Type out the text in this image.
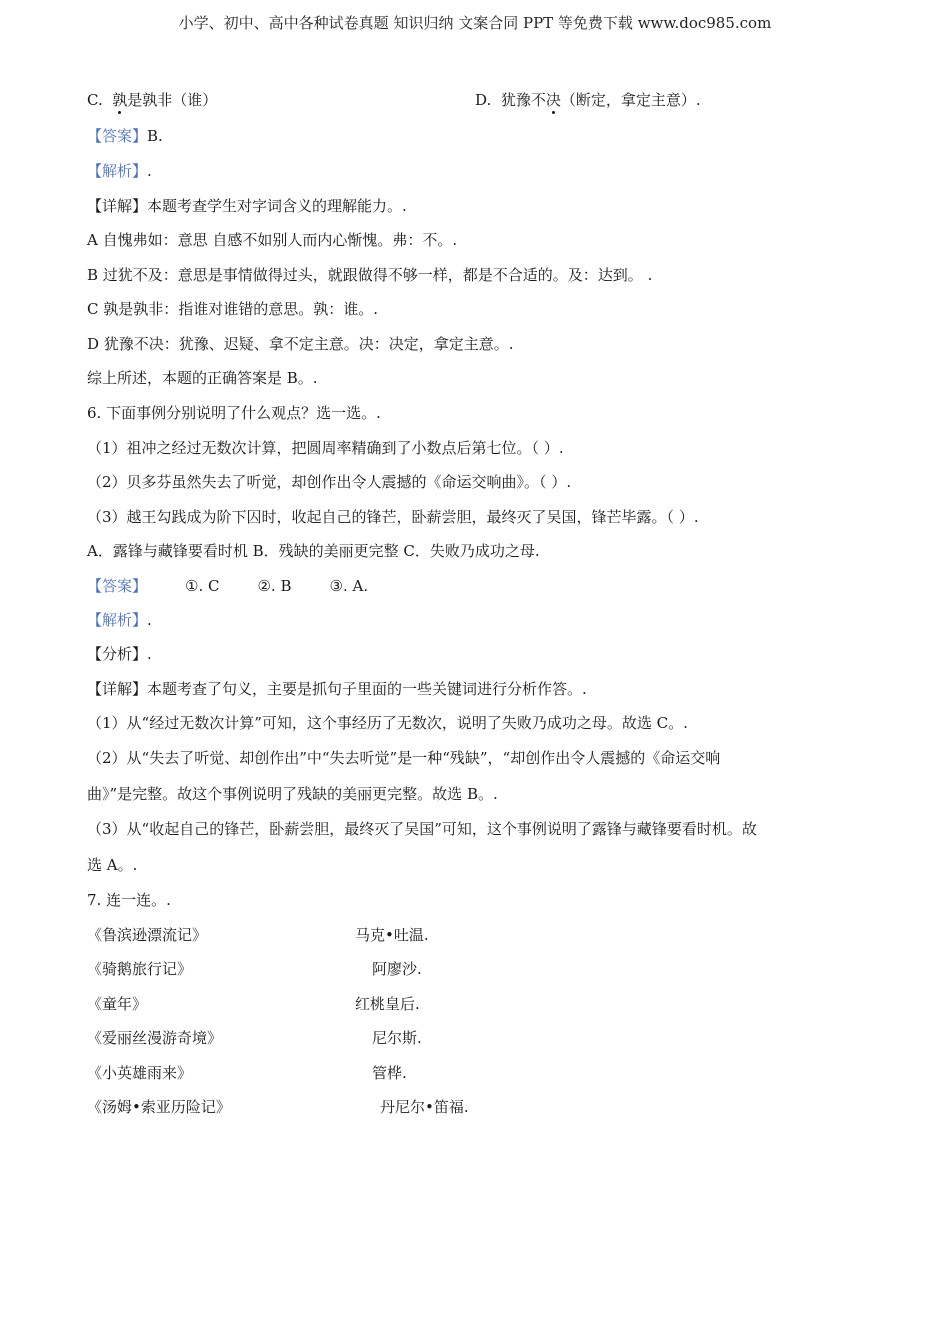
小学、初中、高中各种试卷真题 知识归纳 文案合同 PPT 等免费下载 www.doc985.com
C. 孰是孰非（谁）	D. 犹豫不决（断定，拿定主意）.
【答案】B.
【解析】.
【详解】本题考查学生对字词含义的理解能力。.
A 自愧弗如：意思 自感不如别人而内心惭愧。弗：不。.
B 过犹不及：意思是事情做得过头，就跟做得不够一样，都是不合适的。及：达到。 .
C 孰是孰非：指谁对谁错的意思。孰：谁。.
D 犹豫不决：犹豫、迟疑、拿不定主意。决：决定，拿定主意。.
综上所述，本题的正确答案是 B。.
6. 下面事例分别说明了什么观点？选一选。.
（1）祖冲之经过无数次计算，把圆周率精确到了小数点后第七位。（ ）.
（2）贝多芬虽然失去了听觉，却创作出令人震撼的《命运交响曲》。（ ）.
（3）越王勾践成为阶下囚时，收起自己的锋芒，卧薪尝胆，最终灭了吴国，锋芒毕露。（ ）.
A．露锋与藏锋要看时机 B．残缺的美丽更完整 C．失败乃成功之母.
【答案】	①. C	②. B	③. A.
【解析】.
【分析】.
【详解】本题考查了句义，主要是抓句子里面的一些关键词进行分析作答。.
（1）从“经过无数次计算”可知，这个事经历了无数次，说明了失败乃成功之母。故选 C。.
（2）从“失去了听觉、却创作出”中“失去听觉”是一种“残缺”，“却创作出令人震撼的《命运交响
曲》”是完整。故这个事例说明了残缺的美丽更完整。故选 B。.
（3）从“收起自己的锋芒，卧薪尝胆，最终灭了吴国”可知，这个事例说明了露锋与藏锋要看时机。故
选 A。.
7. 连一连。.
《鲁滨逊漂流记》	马克•吐温.
《骑鹅旅行记》	阿廖沙.
《童年》	红桃皇后.
《爱丽丝漫游奇境》	尼尔斯.
《小英雄雨来》	管桦.
《汤姆•索亚历险记》	丹尼尔•笛福.
